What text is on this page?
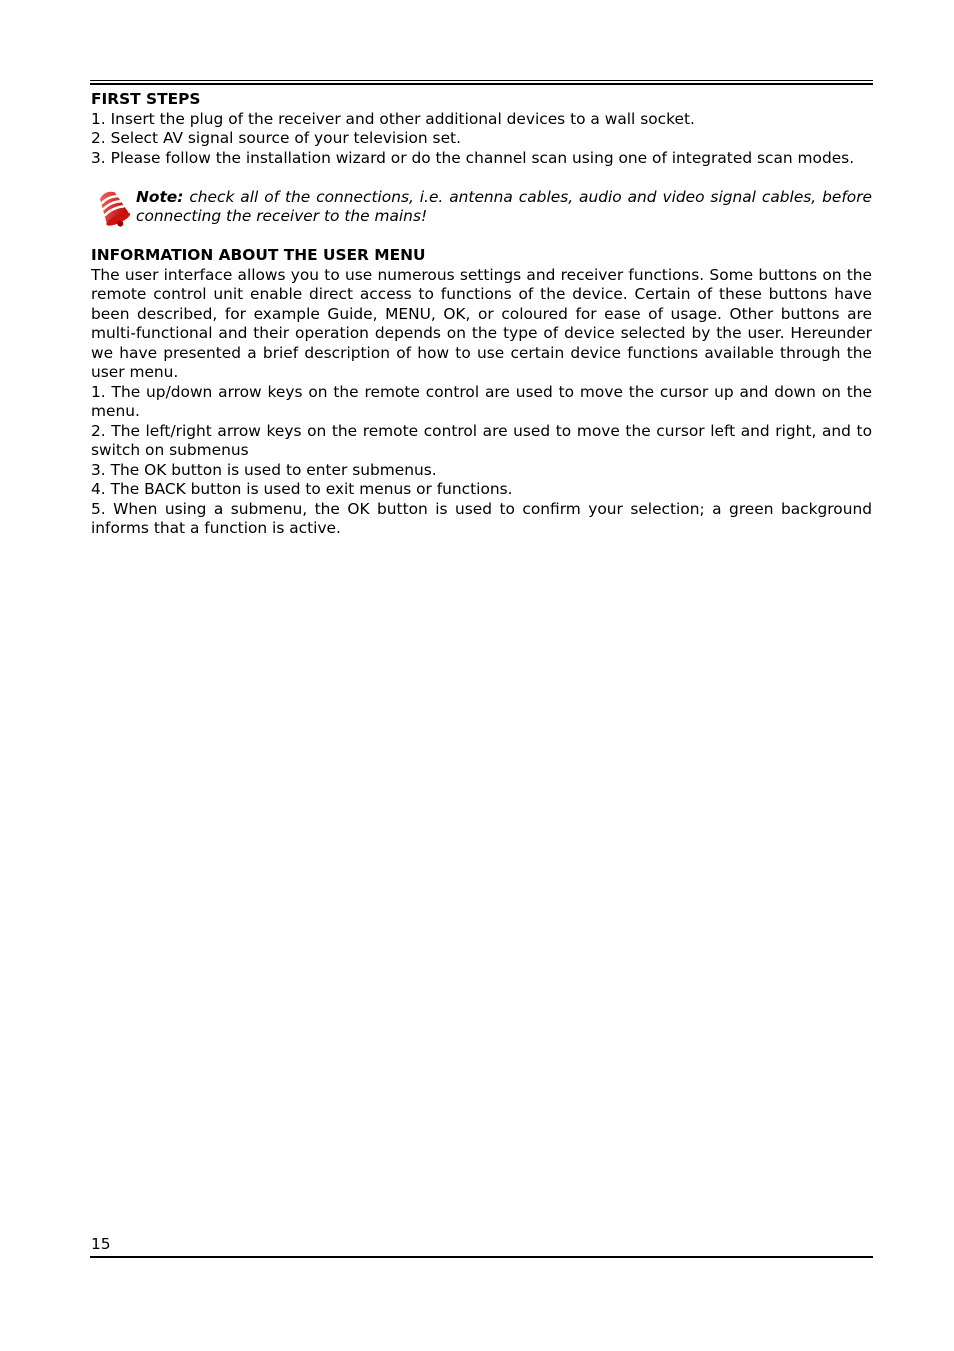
FIRST STEPS

1. Insert the plug of the receiver and other additional devices to a wall socket.

2. Select AV signal source of your television set.

3. Please follow the installation wizard or do the channel scan using one of integrated scan modes.

Note: check all of the connections, i.e. antenna cables, audio and video signal cables, before connecting the receiver to the mains!

INFORMATION ABOUT THE USER MENU

The user interface allows you to use numerous settings and receiver functions. Some buttons on the remote control unit enable direct access to functions of the device. Certain of these buttons have been described, for example Guide, MENU, OK, or coloured for ease of usage. Other buttons are multi-functional and their operation depends on the type of device selected by the user. Hereunder we have presented a brief description of how to use certain device functions available through the user menu.

1. The up/down arrow keys on the remote control are used to move the cursor up and down on the menu.

2. The left/right arrow keys on the remote control are used to move the cursor left and right, and to switch on submenus

3. The OK button is used to enter submenus.

4. The BACK button is used to exit menus or functions.

5. When using a submenu, the OK button is used to confirm your selection; a green background informs that a function is active.

15
